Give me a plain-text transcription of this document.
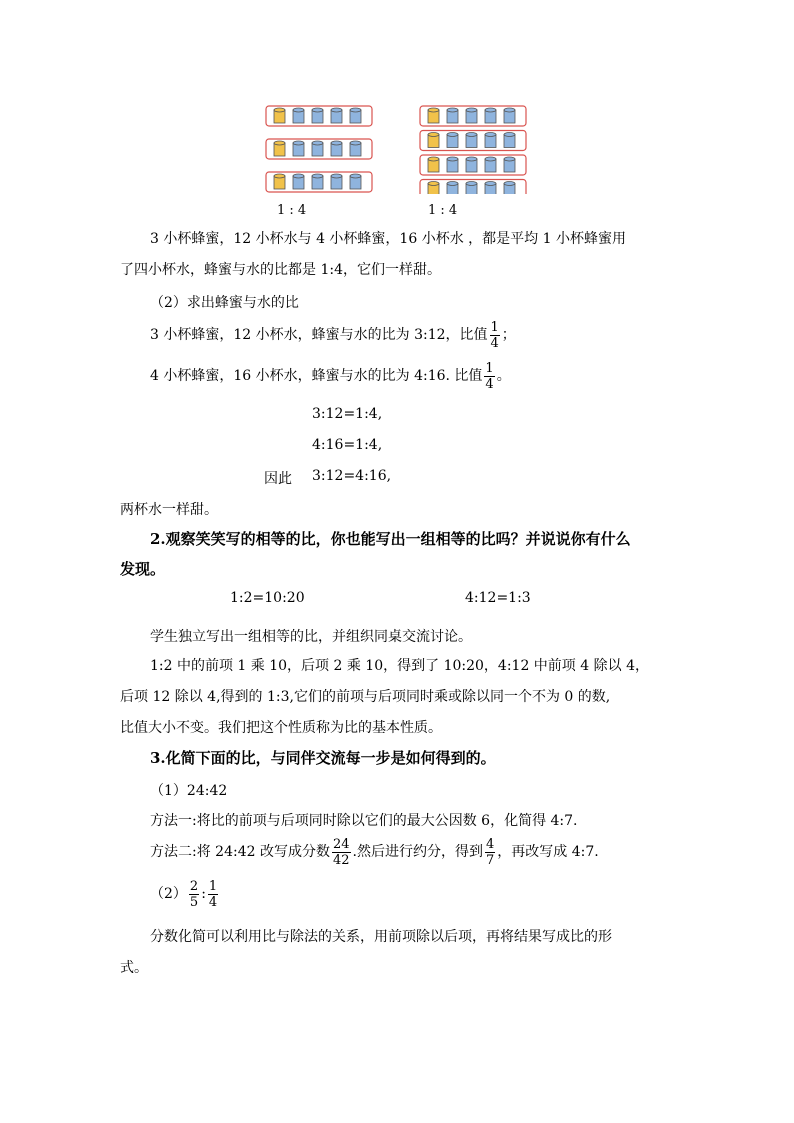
1 : 4	1 : 4
3 小杯蜂蜜，12 小杯水与 4 小杯蜂蜜，16 小杯水 ，都是平均 1 小杯蜂蜜用
了四小杯水，蜂蜜与水的比都是 1:4，它们一样甜。
（2）求出蜂蜜与水的比
3 小杯蜂蜜，12 小杯水，蜂蜜与水的比为 3:12，比值 $\frac{1}{4}$ ；
4 小杯蜂蜜，16 小杯水，蜂蜜与水的比为 4:16. 比值 $\frac{1}{4}$ 。
3:12=1:4,
4:16=1:4,
因此 3:12=4:16,
两杯水一样甜。
2.观察笑笑写的相等的比，你也能写出一组相等的比吗？并说说你有什么
发现。
1:2=10:20	4:12=1:3
学生独立写出一组相等的比，并组织同桌交流讨论。
1:2 中的前项 1 乘 10，后项 2 乘 10，得到了 10:20，4:12 中前项 4 除以 4，
后项 12 除以 4,得到的 1:3,它们的前项与后项同时乘或除以同一个不为 0 的数,
比值大小不变。我们把这个性质称为比的基本性质。
3.化简下面的比，与同伴交流每一步是如何得到的。
（1）24:42
方法一:将比的前项与后项同时除以它们的最大公因数 6，化简得 4:7.
方法二:将 24:42 改写成分数 $\frac{24}{42}$ .然后进行约分，得到 $\frac{4}{7}$ ，再改写成 4:7.
$(2) \frac{2}{5}$ : $\frac{1}{4}$
分数化简可以利用比与除法的关系，用前项除以后项，再将结果写成比的形
式。
